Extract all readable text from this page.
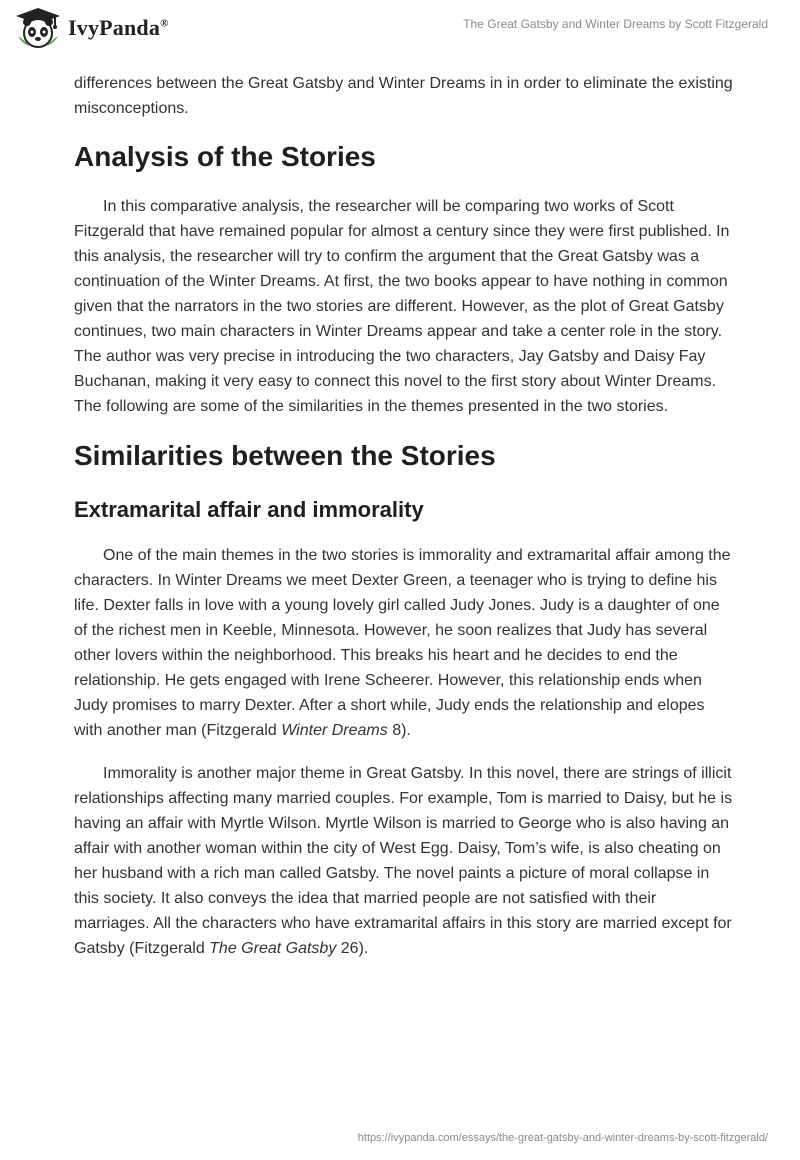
IvyPanda®	The Great Gatsby and Winter Dreams by Scott Fitzgerald

differences between the Great Gatsby and Winter Dreams in in order to eliminate the existing misconceptions.

Analysis of the Stories

In this comparative analysis, the researcher will be comparing two works of Scott Fitzgerald that have remained popular for almost a century since they were first published. In this analysis, the researcher will try to confirm the argument that the Great Gatsby was a continuation of the Winter Dreams. At first, the two books appear to have nothing in common given that the narrators in the two stories are different. However, as the plot of Great Gatsby continues, two main characters in Winter Dreams appear and take a center role in the story. The author was very precise in introducing the two characters, Jay Gatsby and Daisy Fay Buchanan, making it very easy to connect this novel to the first story about Winter Dreams. The following are some of the similarities in the themes presented in the two stories.

Similarities between the Stories
Extramarital affair and immorality

One of the main themes in the two stories is immorality and extramarital affair among the characters. In Winter Dreams we meet Dexter Green, a teenager who is trying to define his life. Dexter falls in love with a young lovely girl called Judy Jones. Judy is a daughter of one of the richest men in Keeble, Minnesota. However, he soon realizes that Judy has several other lovers within the neighborhood. This breaks his heart and he decides to end the relationship. He gets engaged with Irene Scheerer. However, this relationship ends when Judy promises to marry Dexter. After a short while, Judy ends the relationship and elopes with another man (Fitzgerald Winter Dreams 8).

Immorality is another major theme in Great Gatsby. In this novel, there are strings of illicit relationships affecting many married couples. For example, Tom is married to Daisy, but he is having an affair with Myrtle Wilson. Myrtle Wilson is married to George who is also having an affair with another woman within the city of West Egg. Daisy, Tom’s wife, is also cheating on her husband with a rich man called Gatsby. The novel paints a picture of moral collapse in this society. It also conveys the idea that married people are not satisfied with their marriages. All the characters who have extramarital affairs in this story are married except for Gatsby (Fitzgerald The Great Gatsby 26).

https://ivypanda.com/essays/the-great-gatsby-and-winter-dreams-by-scott-fitzgerald/
